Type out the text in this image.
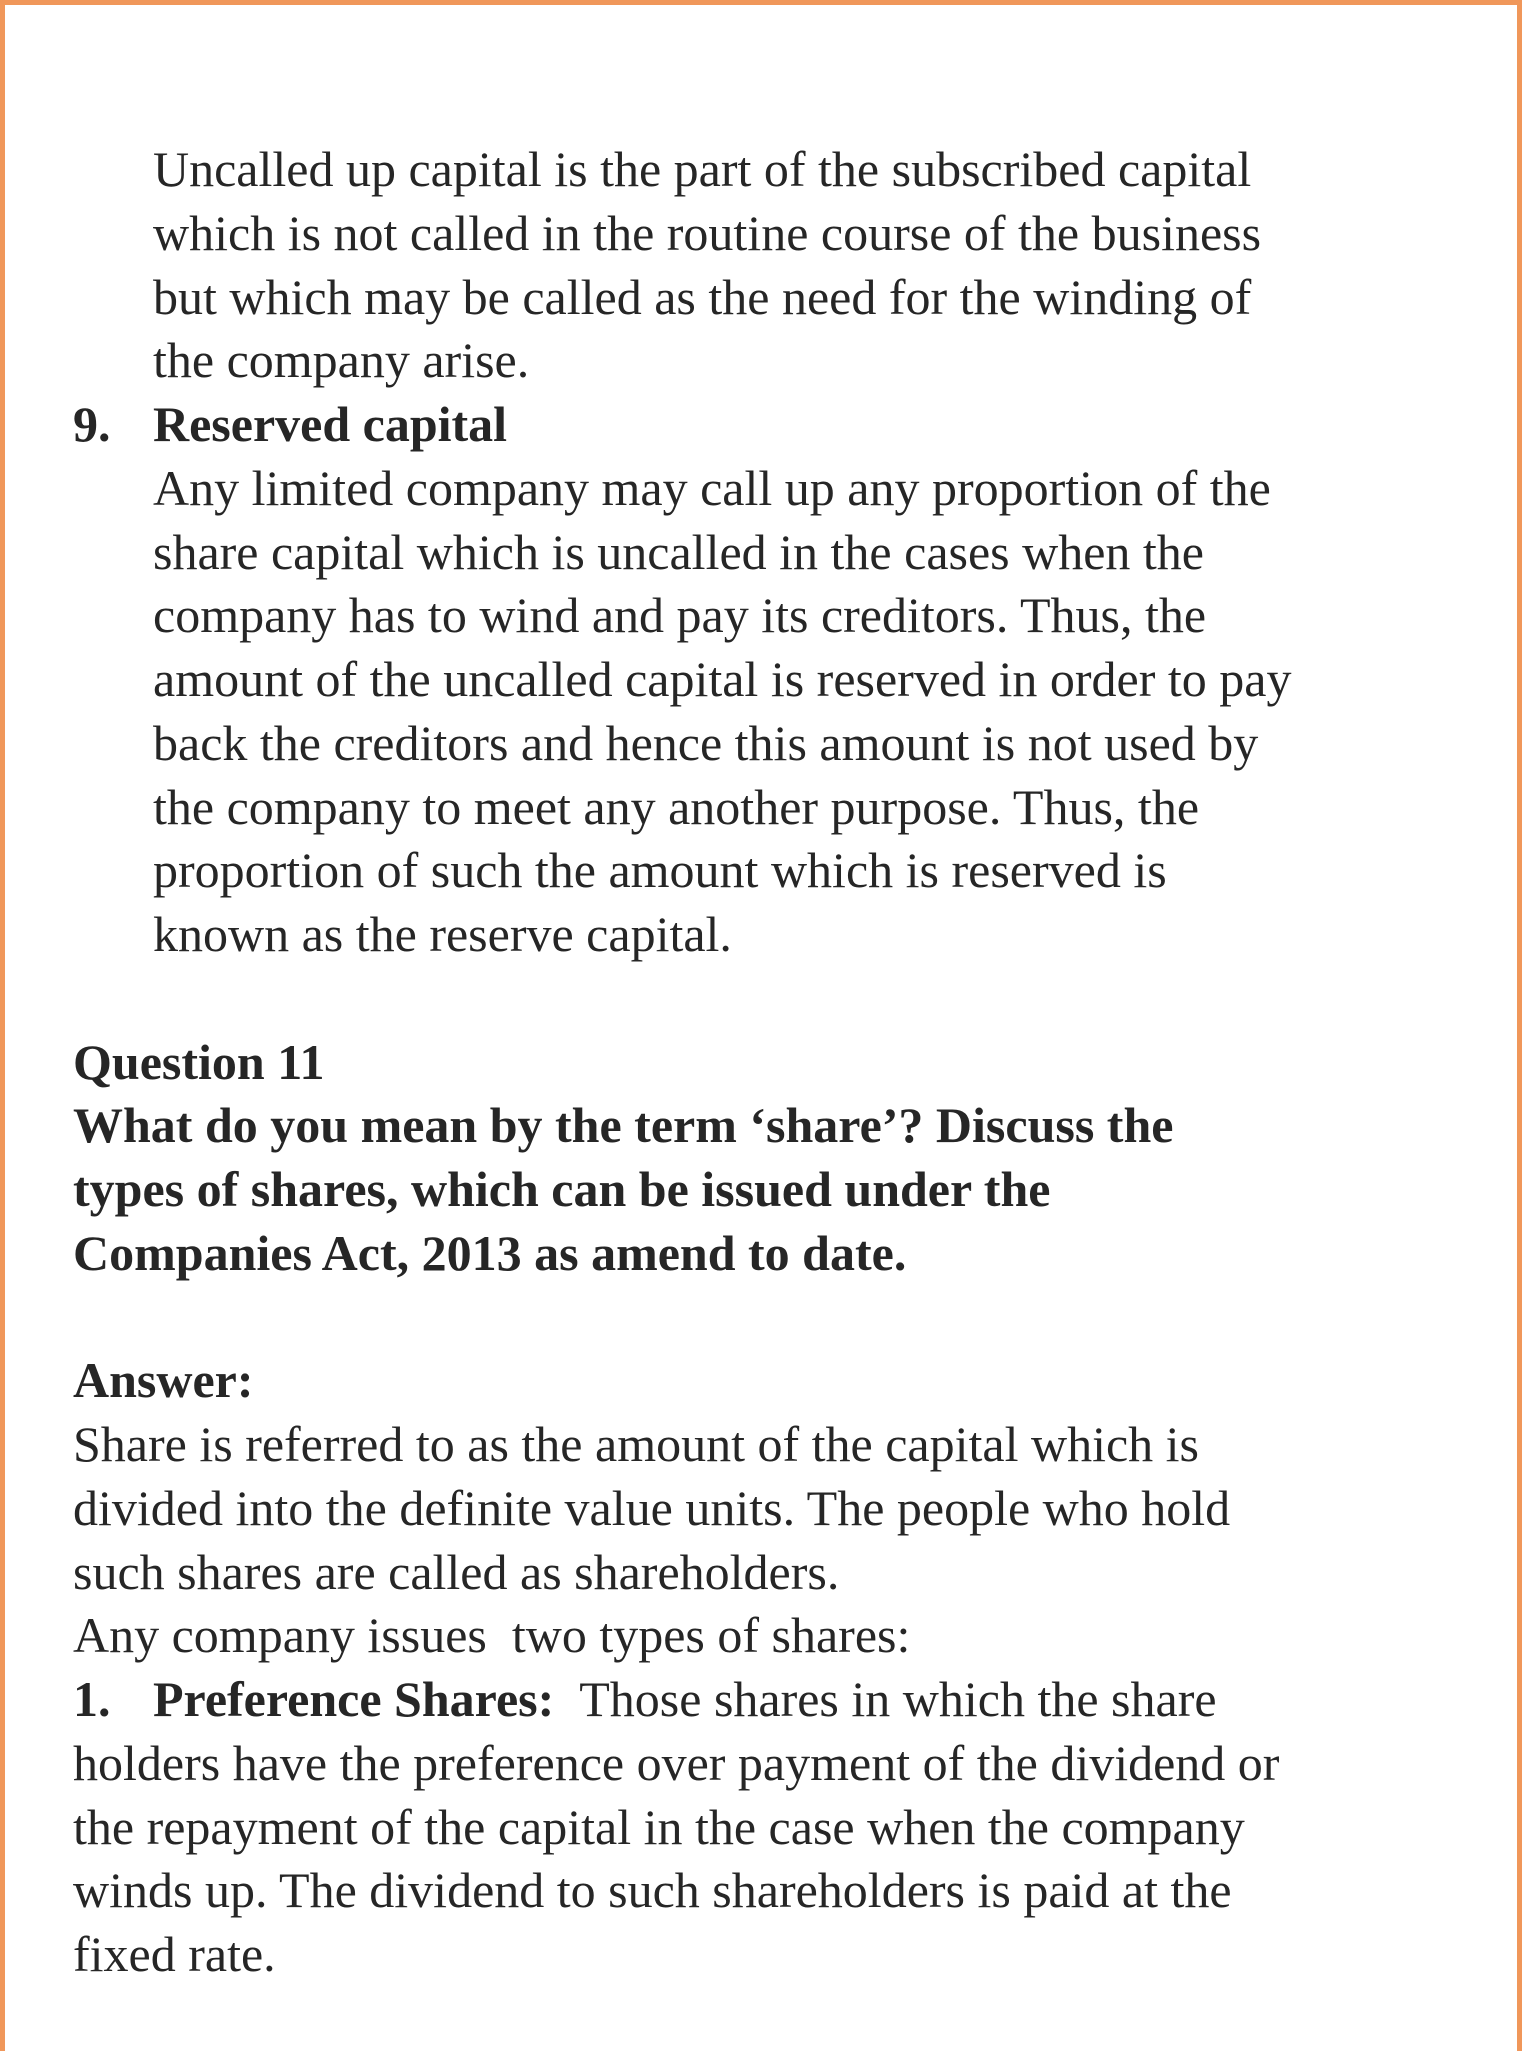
Uncalled up capital is the part of the subscribed capital
which is not called in the routine course of the business
but which may be called as the need for the winding of
the company arise.
9. Reserved capital
Any limited company may call up any proportion of the
share capital which is uncalled in the cases when the
company has to wind and pay its creditors. Thus, the
amount of the uncalled capital is reserved in order to pay
back the creditors and hence this amount is not used by
the company to meet any another purpose. Thus, the
proportion of such the amount which is reserved is
known as the reserve capital.
Question 11
What do you mean by the term ‘share’? Discuss the
types of shares, which can be issued under the
Companies Act, 2013 as amend to date.
Answer:
Share is referred to as the amount of the capital which is
divided into the definite value units. The people who hold
such shares are called as shareholders.
Any company issues  two types of shares:
1. Preference Shares: Those shares in which the share
holders have the preference over payment of the dividend or
the repayment of the capital in the case when the company
winds up. The dividend to such shareholders is paid at the
fixed rate.
